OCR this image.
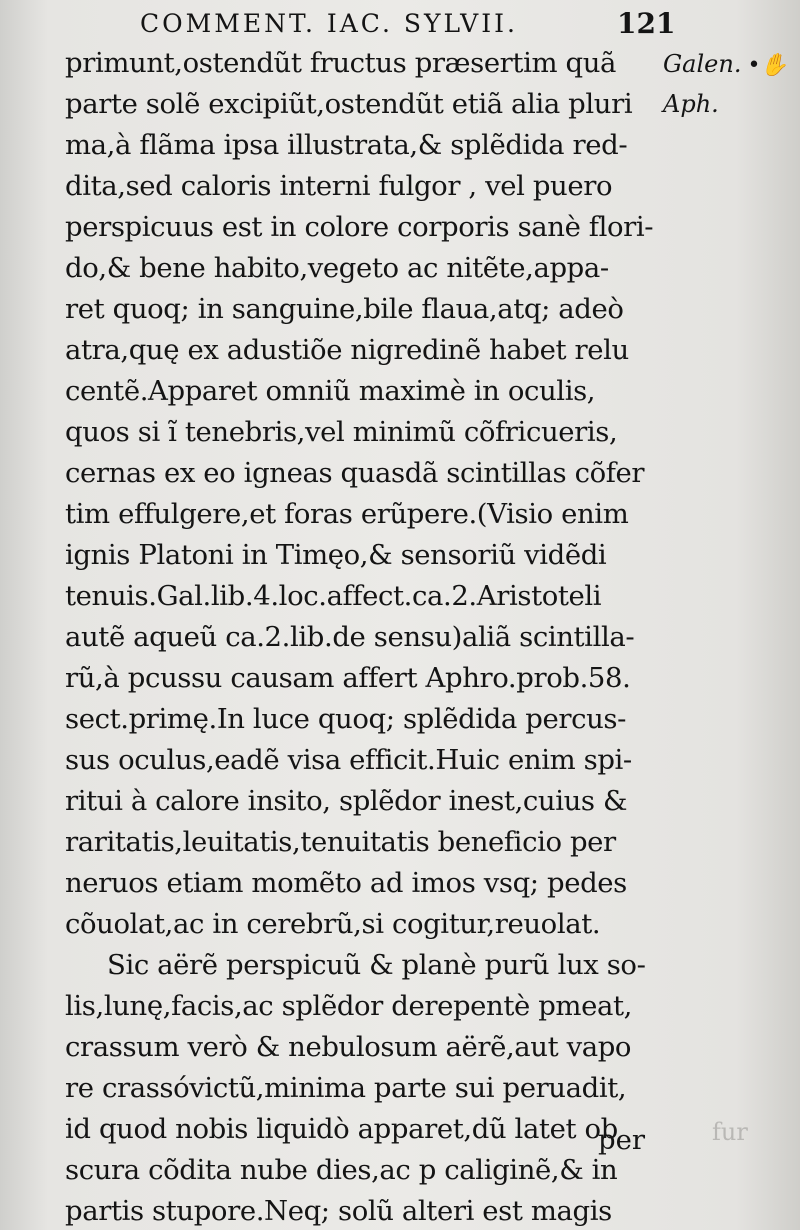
COMMENT. IAC. SYLVII.	121
Galen. •✋
Aph.
primunt,ostendũt fructus præsertim quã
parte solẽ excipiũt,ostendũt etiã alia pluri
ma,à flãma ipsa illustrata,& splẽdida red-
dita,sed caloris interni fulgor , vel puero
perspicuus est in colore corporis sanè flori-
do,& bene habito,vegeto ac nitẽte,appa-
ret quoq; in sanguine,bile flaua,atq; adeò
atra,quę ex adustiõe nigredinẽ habet relu
centẽ.Apparet omniũ maximè in oculis,
quos si ĩ tenebris,vel minimũ cõfricueris,
cernas ex eo igneas quasdã scintillas cõfer
tim effulgere,et foras erũpere.(Visio enim
ignis Platoni in Timęo,& sensoriũ vidẽdi
tenuis.Gal.lib.4.loc.affect.ca.2.Aristoteli
autẽ aqueũ ca.2.lib.de sensu)aliã scintilla-
rũ,à pcussu causam affert Aphro.prob.58.
sect.primę.In luce quoq; splẽdida percus-
sus oculus,eadẽ visa efficit.Huic enim spi-
ritui à calore insito, splẽdor inest,cuius &
raritatis,leuitatis,tenuitatis beneficio per
neruos etiam momẽto ad imos vsq; pedes
cõuolat,ac in cerebrũ,si cogitur,reuolat.
Sic aërẽ perspicuũ & planè purũ lux so-
lis,lunę,facis,ac splẽdor derepentè pmeat,
crassum verò & nebulosum aërẽ,aut vapo
re crassóvictũ,minima parte sui peruadit,
id quod nobis liquidò apparet,dũ latet ob
scura cõdita nube dies,ac p caliginẽ,& in
partis stupore.Neq; solũ alteri est magis
fur
per
